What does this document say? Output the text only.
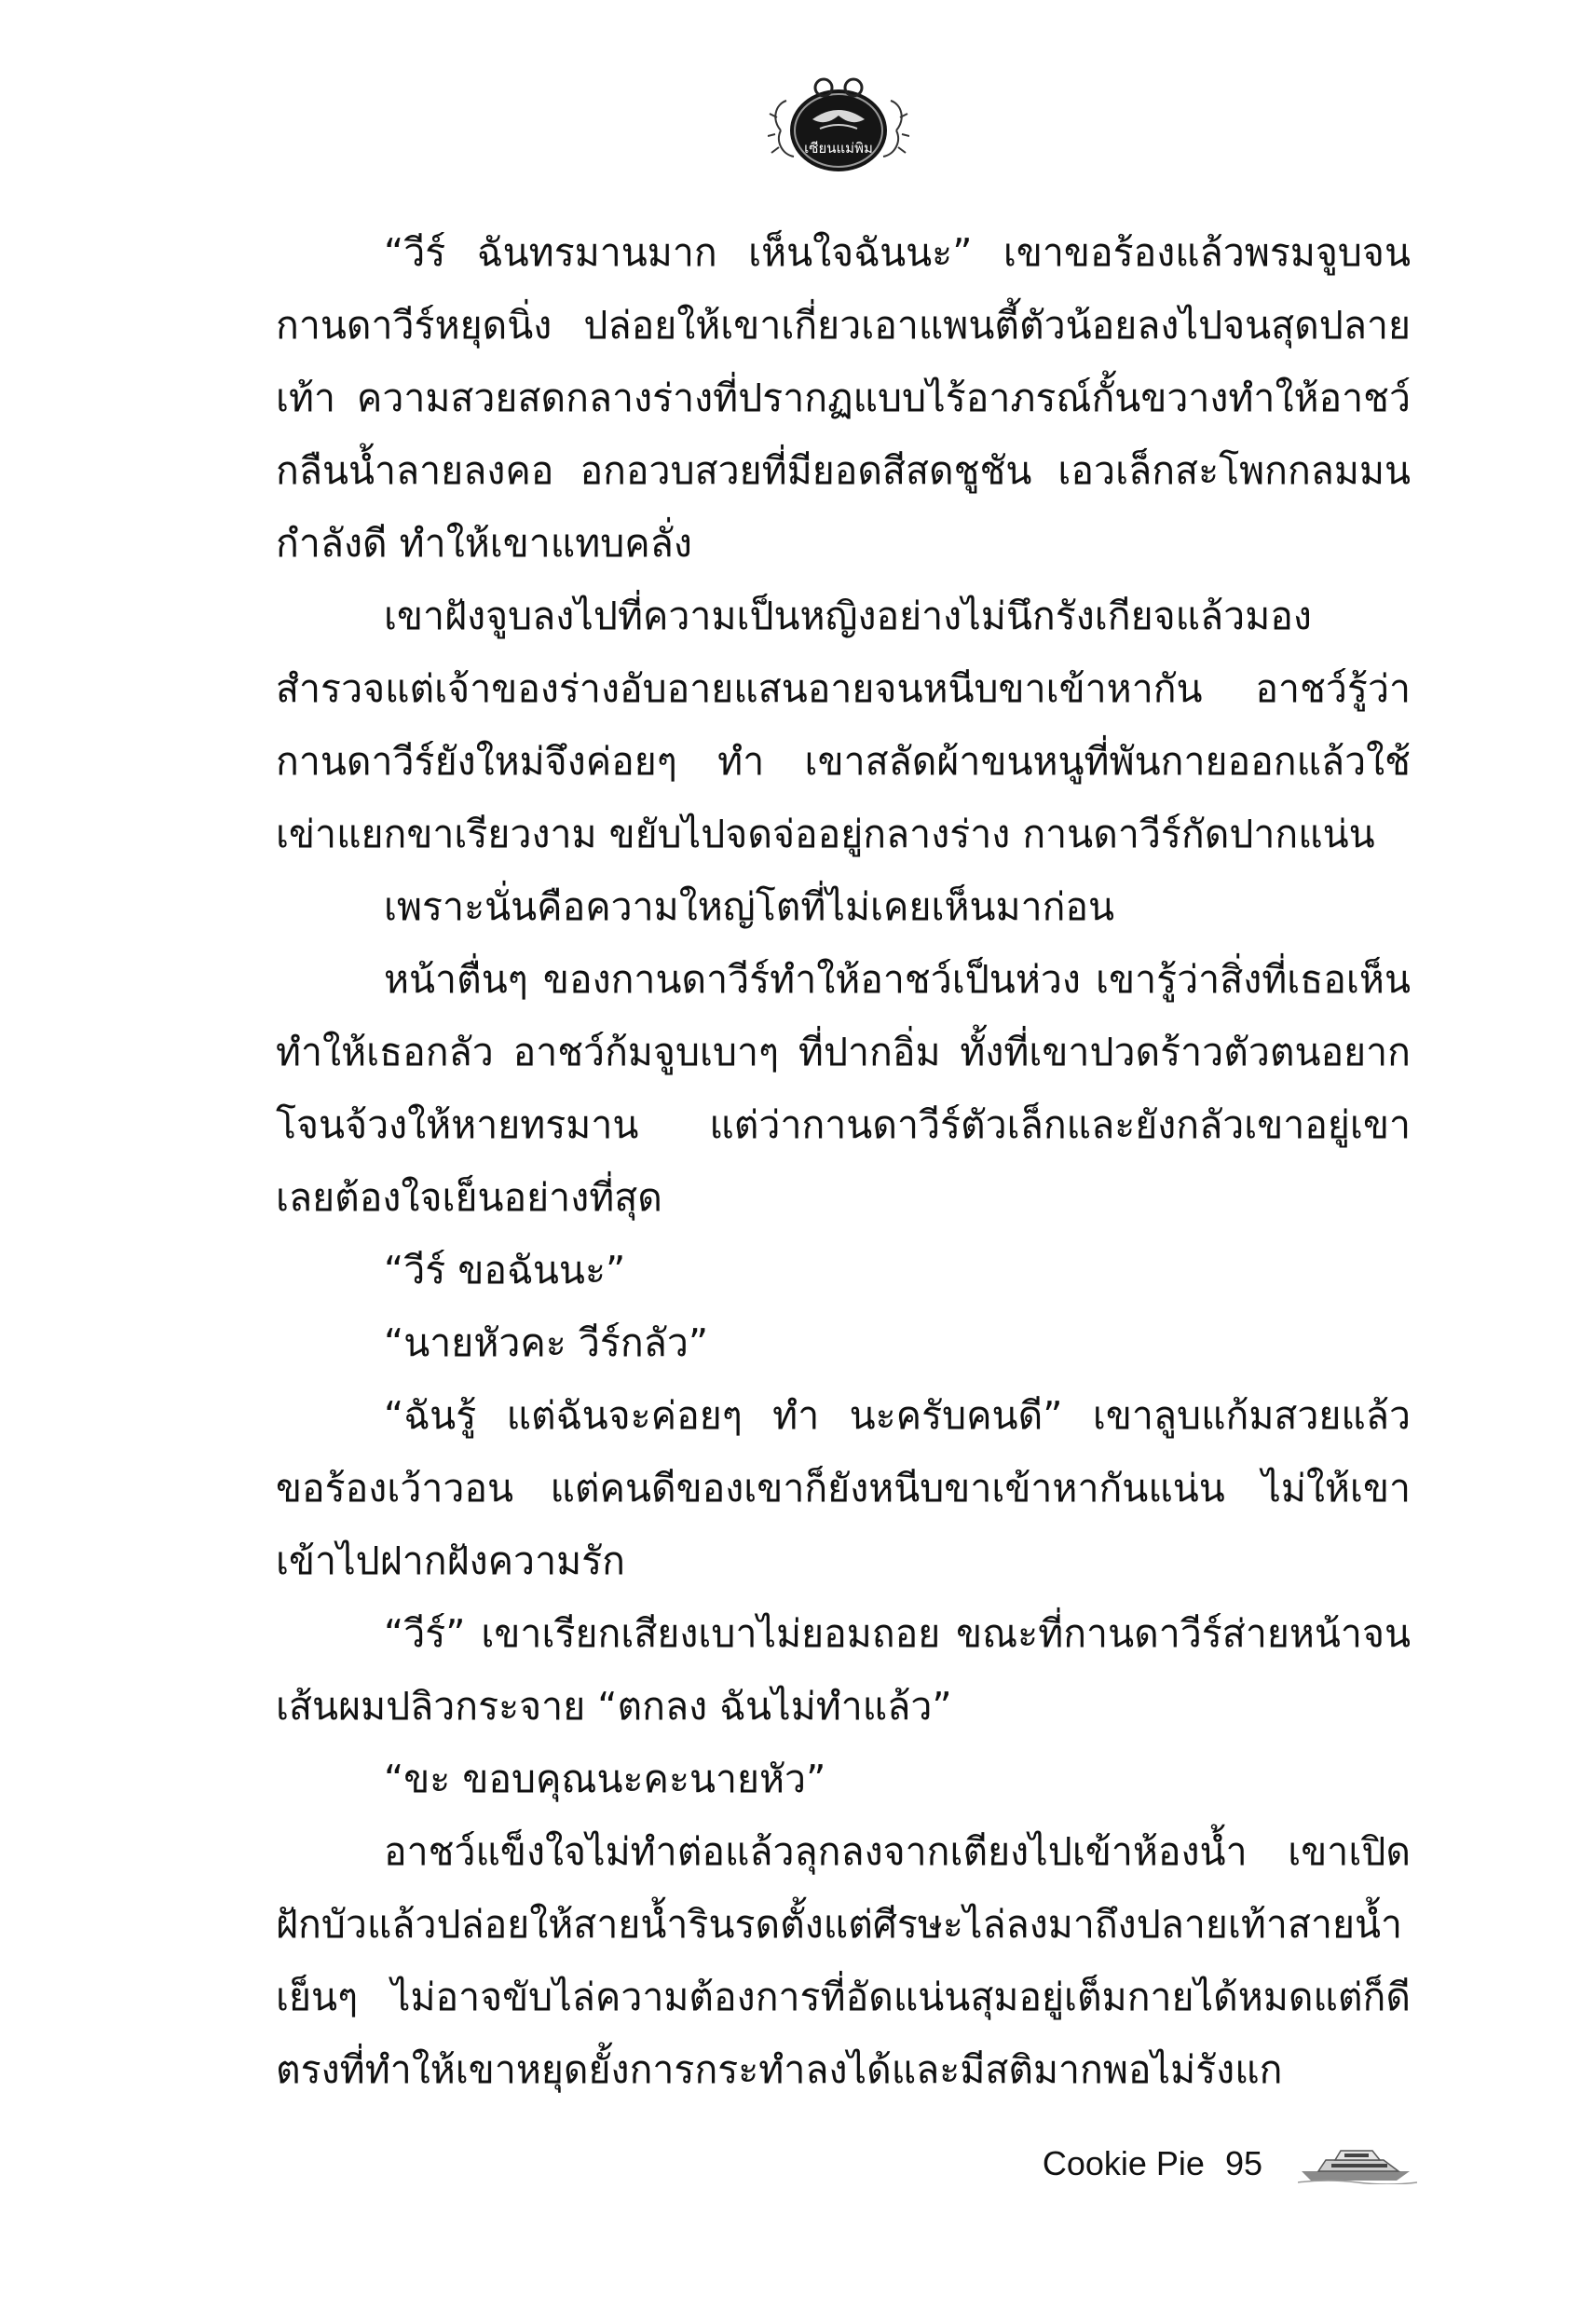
เซียนแม่พิม

“วีร์ ฉันทรมานมาก เห็นใจฉันนะ” เขาขอร้องแล้วพรมจูบจนกานดาวีร์หยุดนิ่ง ปล่อยให้เขาเกี่ยวเอาแพนตี้ตัวน้อยลงไปจนสุดปลายเท้า ความสวยสดกลางร่างที่ปรากฏแบบไร้อาภรณ์กั้นขวางทำให้อาชว์กลืนน้ำลายลงคอ อกอวบสวยที่มียอดสีสดชูชัน เอวเล็กสะโพกกลมมนกำลังดี ทำให้เขาแทบคลั่ง

เขาฝังจูบลงไปที่ความเป็นหญิงอย่างไม่นึกรังเกียจแล้วมองสำรวจแต่เจ้าของร่างอับอายแสนอายจนหนีบขาเข้าหากัน อาชว์รู้ว่ากานดาวีร์ยังใหม่จึงค่อยๆ ทำ เขาสลัดผ้าขนหนูที่พันกายออกแล้วใช้เข่าแยกขาเรียวงาม ขยับไปจดจ่ออยู่กลางร่าง กานดาวีร์กัดปากแน่น

เพราะนั่นคือความใหญ่โตที่ไม่เคยเห็นมาก่อน

หน้าตื่นๆ ของกานดาวีร์ทำให้อาชว์เป็นห่วง เขารู้ว่าสิ่งที่เธอเห็นทำให้เธอกลัว อาชว์ก้มจูบเบาๆ ที่ปากอิ่ม ทั้งที่เขาปวดร้าวตัวตนอยากโจนจ้วงให้หายทรมาน แต่ว่ากานดาวีร์ตัวเล็กและยังกลัวเขาอยู่เขาเลยต้องใจเย็นอย่างที่สุด

“วีร์ ขอฉันนะ”

“นายหัวคะ วีร์กลัว”

“ฉันรู้ แต่ฉันจะค่อยๆ ทำ นะครับคนดี” เขาลูบแก้มสวยแล้วขอร้องเว้าวอน แต่คนดีของเขาก็ยังหนีบขาเข้าหากันแน่น ไม่ให้เขาเข้าไปฝากฝังความรัก

“วีร์” เขาเรียกเสียงเบาไม่ยอมถอย ขณะที่กานดาวีร์ส่ายหน้าจนเส้นผมปลิวกระจาย “ตกลง ฉันไม่ทำแล้ว”

“ขะ ขอบคุณนะคะนายหัว”

อาชว์แข็งใจไม่ทำต่อแล้วลุกลงจากเตียงไปเข้าห้องน้ำ เขาเปิดฝักบัวแล้วปล่อยให้สายน้ำรินรดตั้งแต่ศีรษะไล่ลงมาถึงปลายเท้าสายน้ำเย็นๆ ไม่อาจขับไล่ความต้องการที่อัดแน่นสุมอยู่เต็มกายได้หมดแต่ก็ดีตรงที่ทำให้เขาหยุดยั้งการกระทำลงได้และมีสติมากพอไม่รังแก

Cookie Pie 95
